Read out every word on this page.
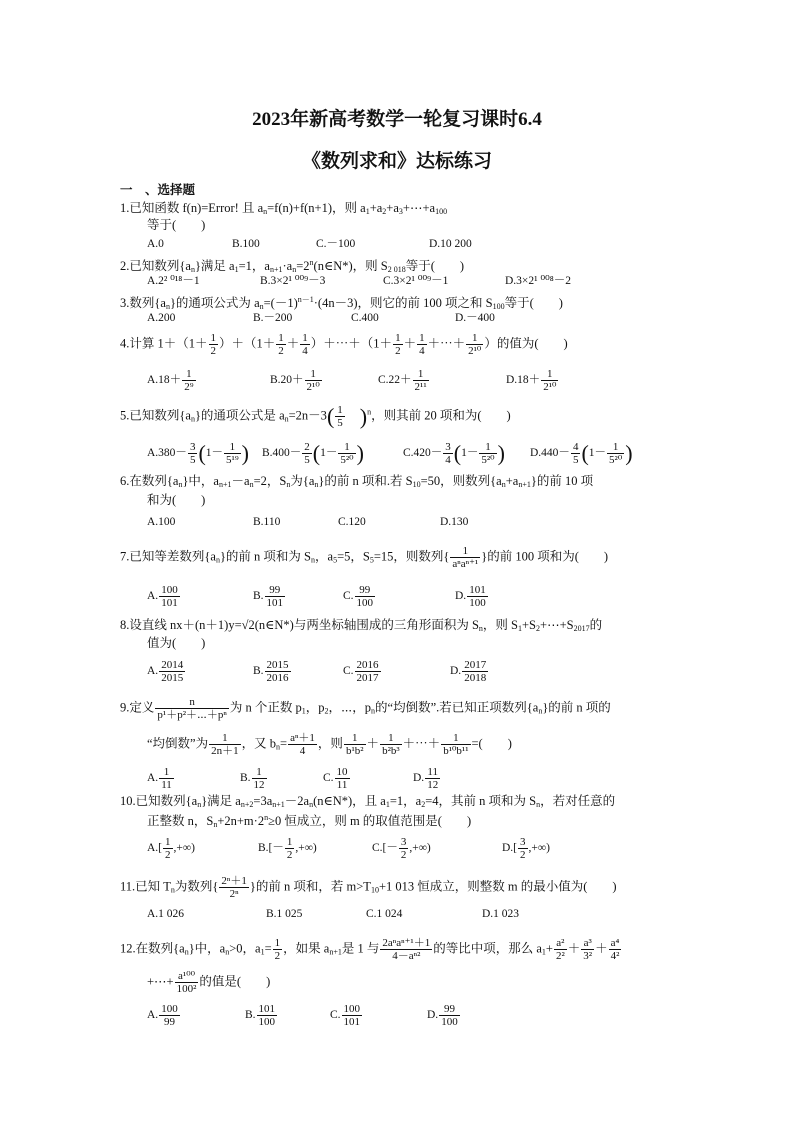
2023年新高考数学一轮复习课时6.4
《数列求和》达标练习
一　、选择题
1.已知函数 f(n)=Error! 且 $a_n=f(n)+f(n+1)$，则 $a_1+a_2+a_3+\cdots+a_{100}$
等于(　　)
A.0	B.100	C.－100	D.10 200
2.已知数列$\{a_n\}$满足 $a_1=1$，$a_{n+1}\cdot a_n=2^n(n\in N*)$，则 $S_{2 018}$等于(　　)
A.2² ⁰¹⁸－1	B.3×2¹ ⁰⁰⁹－3	C.3×2¹ ⁰⁰⁹－1	D.3×2¹ ⁰⁰⁸－2
3.数列$\{a_n\}$的通项公式为 $a_n=(-1)^{n-1}\cdot(4n-3)$，则它的前 100 项之和 $S_{100}$等于(　　)
A.200	B.－200	C.400	D.－400
4.计算 $1+(1+ \frac{1}{2} )+(1+ \frac{1}{2} + \frac{1}{4}$ ）＋⋯＋（1＋ $\frac{1}{2} + \frac{1}{4}$ ＋⋯＋ $\frac{1}{\text{2¹⁰}}$ ）的值为(　　)
$A.18+ \frac{1}{\text{2⁹}}$	$B.20+ \frac{1}{\text{2¹⁰}}$	$C.22+ \frac{1}{\text{2¹¹}}$	$D.18+ \frac{1}{\text{2¹⁰}}$
5.已知数列$\{a_n\}$的通项公式是 $a_n=2n-3( \frac{1}{5} )^n$，则其前 20 项和为(　　)
$A.380- \frac{3}{5} (1- \frac{1}{\text{5¹⁹}}$ ) $B.400- \frac{2}{5} (1- \frac{1}{\text{5²⁰}}$ )	$C.420- \frac{3}{4} (1- \frac{1}{\text{5²⁰}}$ ) $D.440- \frac{4}{5} (1- \frac{1}{\text{5²⁰}}$ )
6.在数列$\{a_n\}$中，$a_{n+1}-a_n=2$，$S_n$为$\{a_n\}$的前 n 项和.若 $S_{10}=50$，则数列$\{a_n+a_{n+1}\}$的前 10 项
和为(　　)
A.100	B.110	C.120	D.130
7.已知等差数列$\{a_n\}$的前 n 项和为 $S_n$，$a_5=5$，$S_5=15$，则数列{	1
aⁿaⁿ⁺¹
}的前 100 项和为(　　)
A. $\frac{100}{101}$	B. $\frac{99}{101}$	C. $\frac{99}{100}$	D. $\frac{101}{100}$
8.设直线 nx＋(n＋1)y=√2(n∈N*)与两坐标轴围成的三角形面积为 $S_n$，则 $S_1+S_2+\cdots+S_{2017}$的
值为(　　)
A. $\frac{2014}{2015}$	B. $\frac{2015}{2016}$	C. $\frac{2016}{2017}$	D. $\frac{2017}{2018}$
9.定义 $\frac{n}{\text{p¹＋p²＋⋯＋pⁿ}}$ 为 n 个正数 $p_1$，$p_2$，⋯，$p_n$的“均倒数”.若已知正项数列$\{a_n\}$的前 n 项的
“均倒数”为 $\frac{1}{2n+1}$ ，又 $b_n= \frac{\text{aⁿ＋1}}{4}$ ，则 $\frac{1}{\text{b¹b²}} + \frac{1}{\text{b²b³}}$ ＋⋯＋ $\frac{1}{\text{b¹⁰b¹¹}}$ =(　　)
A. $\frac{1}{11}$	B. $\frac{1}{12}$	C. $\frac{10}{11}$	D. $\frac{11}{12}$
10.已知数列$\{a_n\}$满足 $a_{n+2}=3a_{n+1}-2a_n(n\in N*)$，且 $a_1=1$，$a_2=4$，其前 n 项和为 $S_n$，若对任意的
正整数 n，$S_n+2n+m\cdot 2^n\ge 0$ 恒成立，则 m 的取值范围是(　　)
$A.[ \frac{1}{2}$ ,+∞)	$B.[- \frac{1}{2}$ ,+∞)	$C.[- \frac{3}{2}$ ,+∞)	$D.[ \frac{3}{2}$ ,+∞)
11.已知 $T_n$为数列{ $\frac{\text{2ⁿ＋1}}{\text{2ⁿ}}$ }的前 n 项和，若 $m>T_{10}+1$ 013 恒成立，则整数 m 的最小值为(　　)
A.1 026	B.1 025	C.1 024	D.1 023
12.在数列$\{a_n\}$中，$a_n>0$，$a_1= \frac{1}{2}$ ，如果 $a_{n+1}$是 1 与 2aⁿaⁿ⁺¹＋1
4－aⁿ²
的等比中项，那么 $a_1+ \frac{\text{a²}}{\text{2²}} + \frac{\text{a³}}{\text{3²}} + \frac{\text{a⁴}}{\text{4²}}$
+⋯+ $\frac{\text{a¹⁰⁰}}{\text{100²}}$ 的值是(　　)
A. $\frac{100}{99}$	B. $\frac{101}{100}$	C. $\frac{100}{101}$	D. $\frac{99}{100}$
